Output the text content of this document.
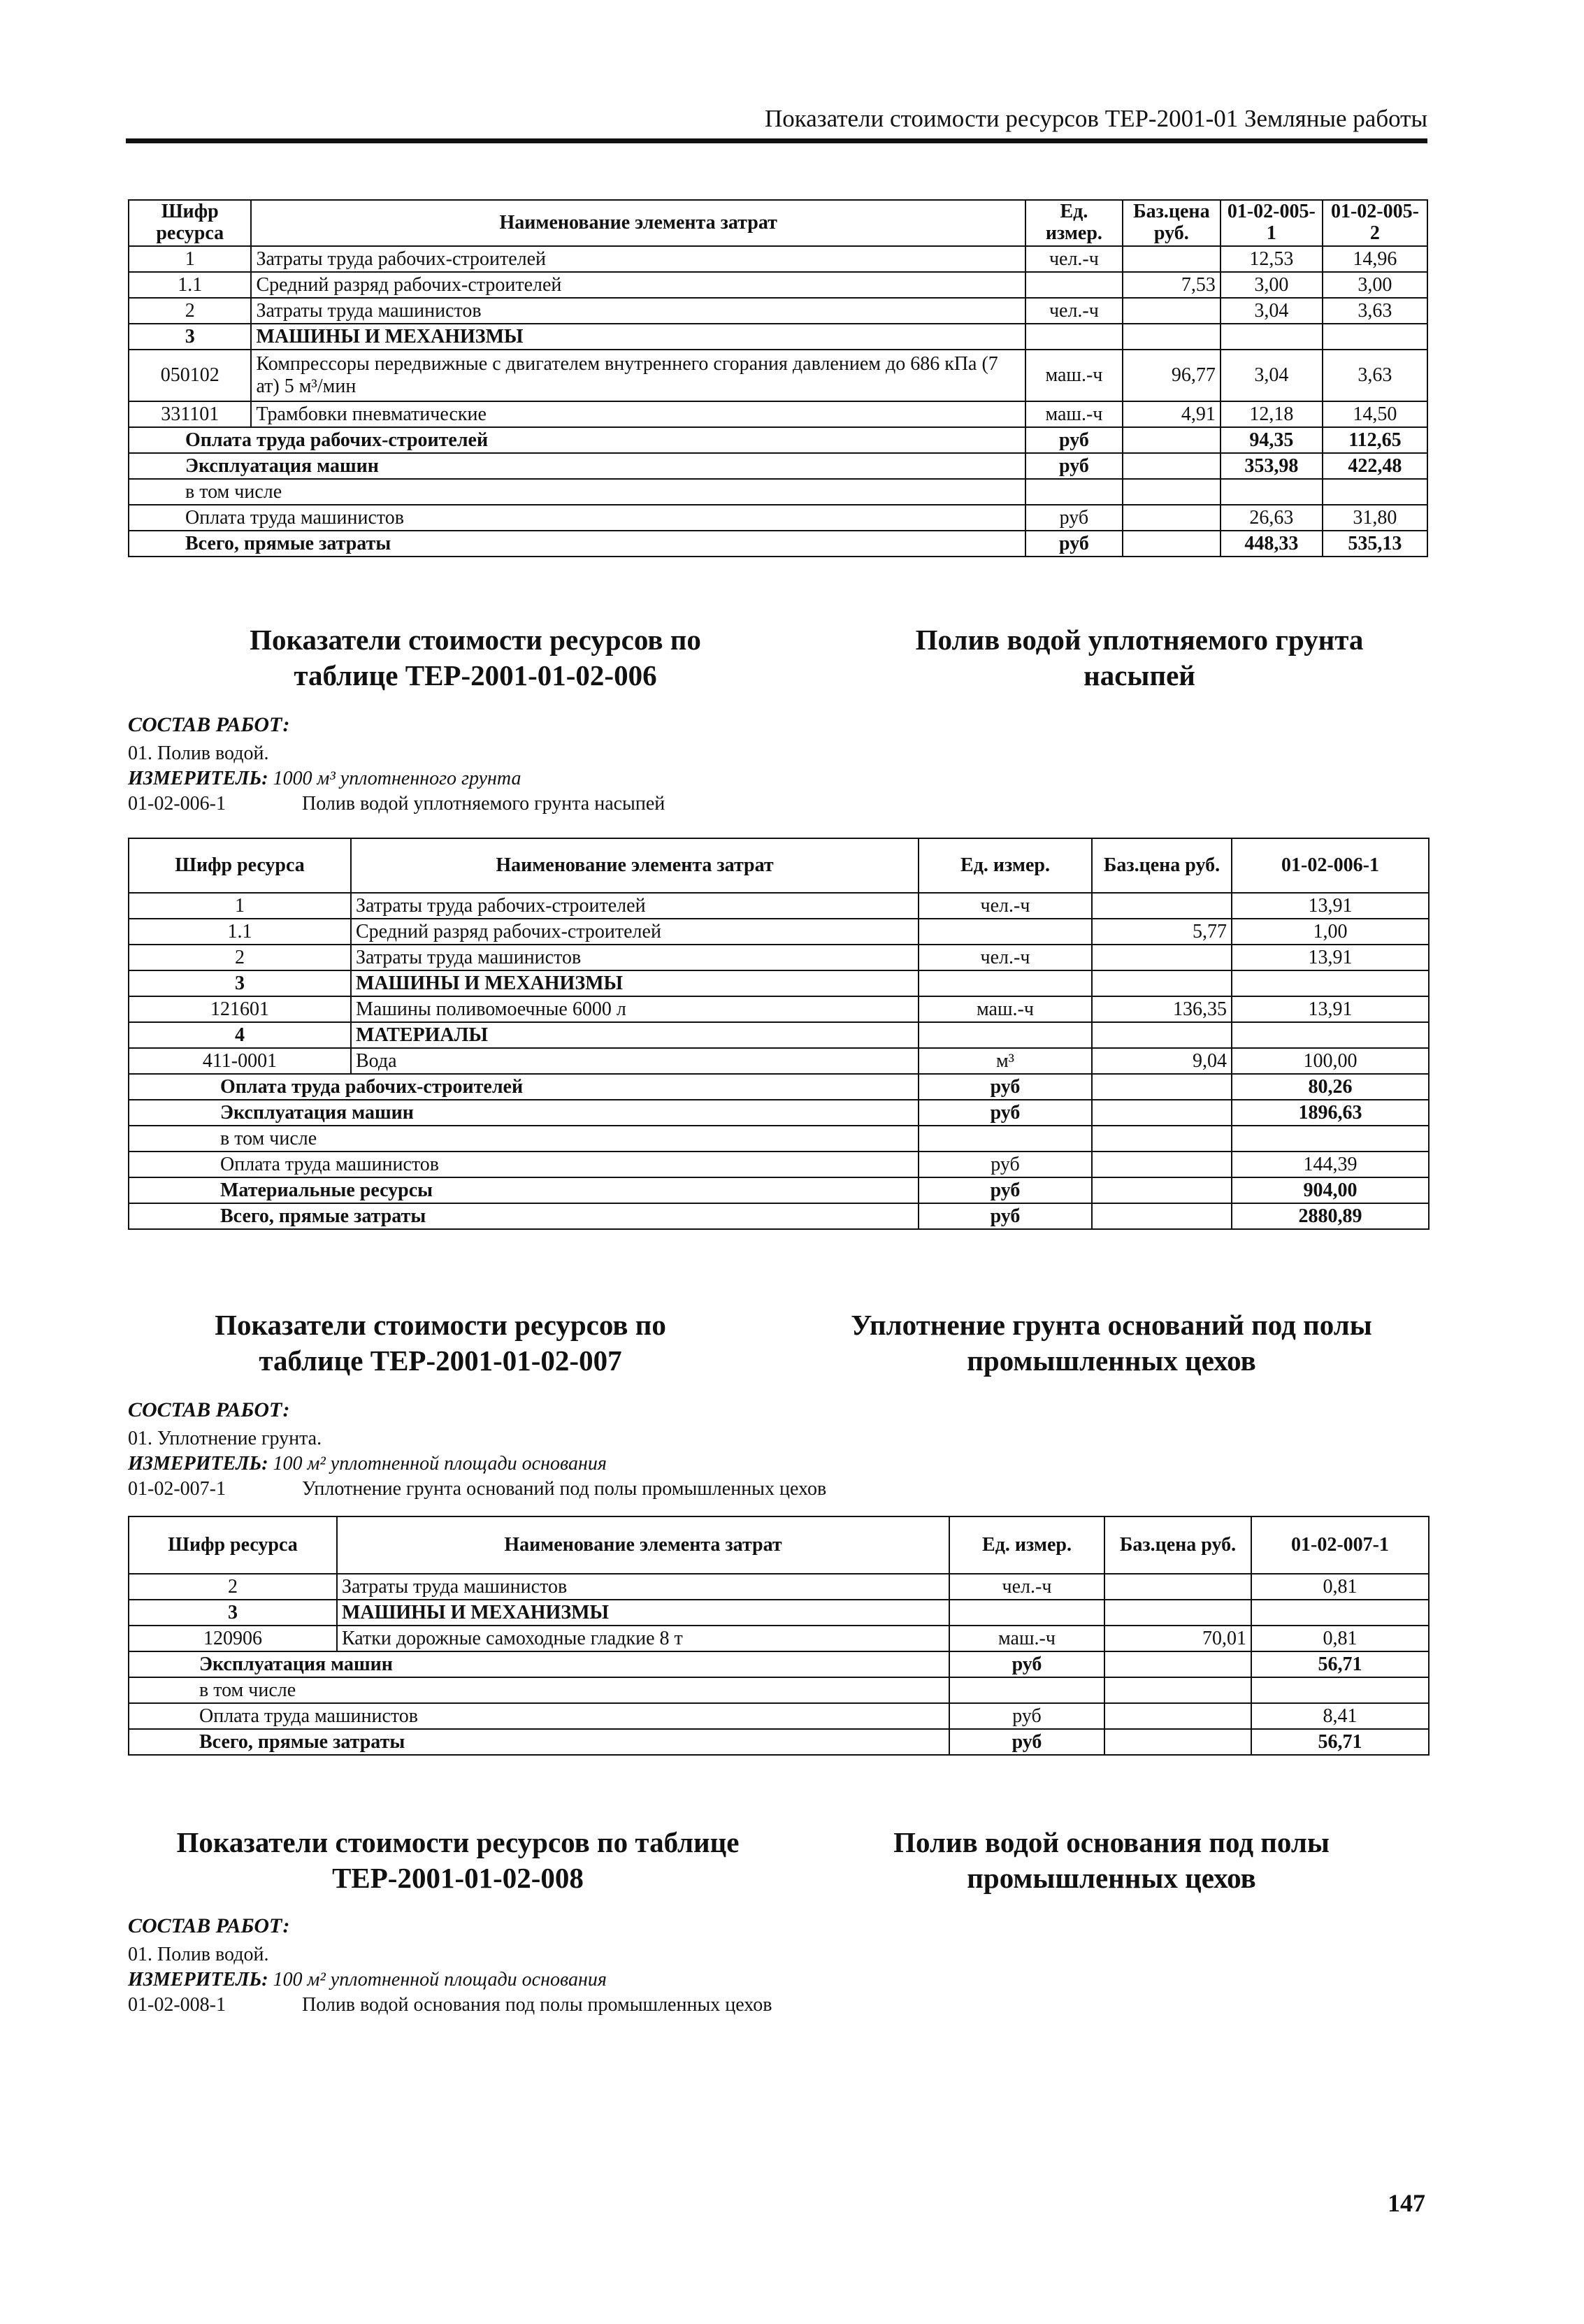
Показатели стоимости ресурсов ТЕР-2001-01 Земляные работы
Шифр ресурса	Наименование элемента затрат	Ед. измер.	Баз.цена руб.	01-02-005-1	01-02-005-2
1	Затраты труда рабочих-строителей	чел.-ч		12,53	14,96
1.1	Средний разряд рабочих-строителей		7,53	3,00	3,00
2	Затраты труда машинистов	чел.-ч		3,04	3,63
3	МАШИНЫ И МЕХАНИЗМЫ				
050102	Компрессоры передвижные с двигателем внутреннего сгорания давлением до 686 кПа (7 ат) 5 м³/мин	маш.-ч	96,77	3,04	3,63
331101	Трамбовки пневматические	маш.-ч	4,91	12,18	14,50
Оплата труда рабочих-строителей		руб		94,35	112,65
Эксплуатация машин		руб		353,98	422,48
в том числе					
Оплата труда машинистов		руб		26,63	31,80
Всего, прямые затраты		руб		448,33	535,13
Показатели стоимости ресурсов по таблице ТЕР-2001-01-02-006
Полив водой уплотняемого грунта насыпей
СОСТАВ РАБОТ:
01. Полив водой.
ИЗМЕРИТЕЛЬ: 1000 м³ уплотненного грунта
01-02-006-1	Полив водой уплотняемого грунта насыпей
Шифр ресурса	Наименование элемента затрат	Ед. измер.	Баз.цена руб.	01-02-006-1
1	Затраты труда рабочих-строителей	чел.-ч		13,91
1.1	Средний разряд рабочих-строителей		5,77	1,00
2	Затраты труда машинистов	чел.-ч		13,91
3	МАШИНЫ И МЕХАНИЗМЫ			
121601	Машины поливомоечные 6000 л	маш.-ч	136,35	13,91
4	МАТЕРИАЛЫ			
411-0001	Вода	м³	9,04	100,00
Оплата труда рабочих-строителей		руб		80,26
Эксплуатация машин		руб		1896,63
в том числе				
Оплата труда машинистов		руб		144,39
Материальные ресурсы		руб		904,00
Всего, прямые затраты		руб		2880,89
Показатели стоимости ресурсов по таблице ТЕР-2001-01-02-007
Уплотнение грунта оснований под полы промышленных цехов
СОСТАВ РАБОТ:
01. Уплотнение грунта.
ИЗМЕРИТЕЛЬ: 100 м² уплотненной площади основания
01-02-007-1	Уплотнение грунта оснований под полы промышленных цехов
Шифр ресурса	Наименование элемента затрат	Ед. измер.	Баз.цена руб.	01-02-007-1
2	Затраты труда машинистов	чел.-ч		0,81
3	МАШИНЫ И МЕХАНИЗМЫ			
120906	Катки дорожные самоходные гладкие 8 т	маш.-ч	70,01	0,81
Эксплуатация машин		руб		56,71
в том числе				
Оплата труда машинистов		руб		8,41
Всего, прямые затраты		руб		56,71
Показатели стоимости ресурсов по таблице ТЕР-2001-01-02-008
Полив водой основания под полы промышленных цехов
СОСТАВ РАБОТ:
01. Полив водой.
ИЗМЕРИТЕЛЬ: 100 м² уплотненной площади основания
01-02-008-1	Полив водой основания под полы промышленных цехов
147
